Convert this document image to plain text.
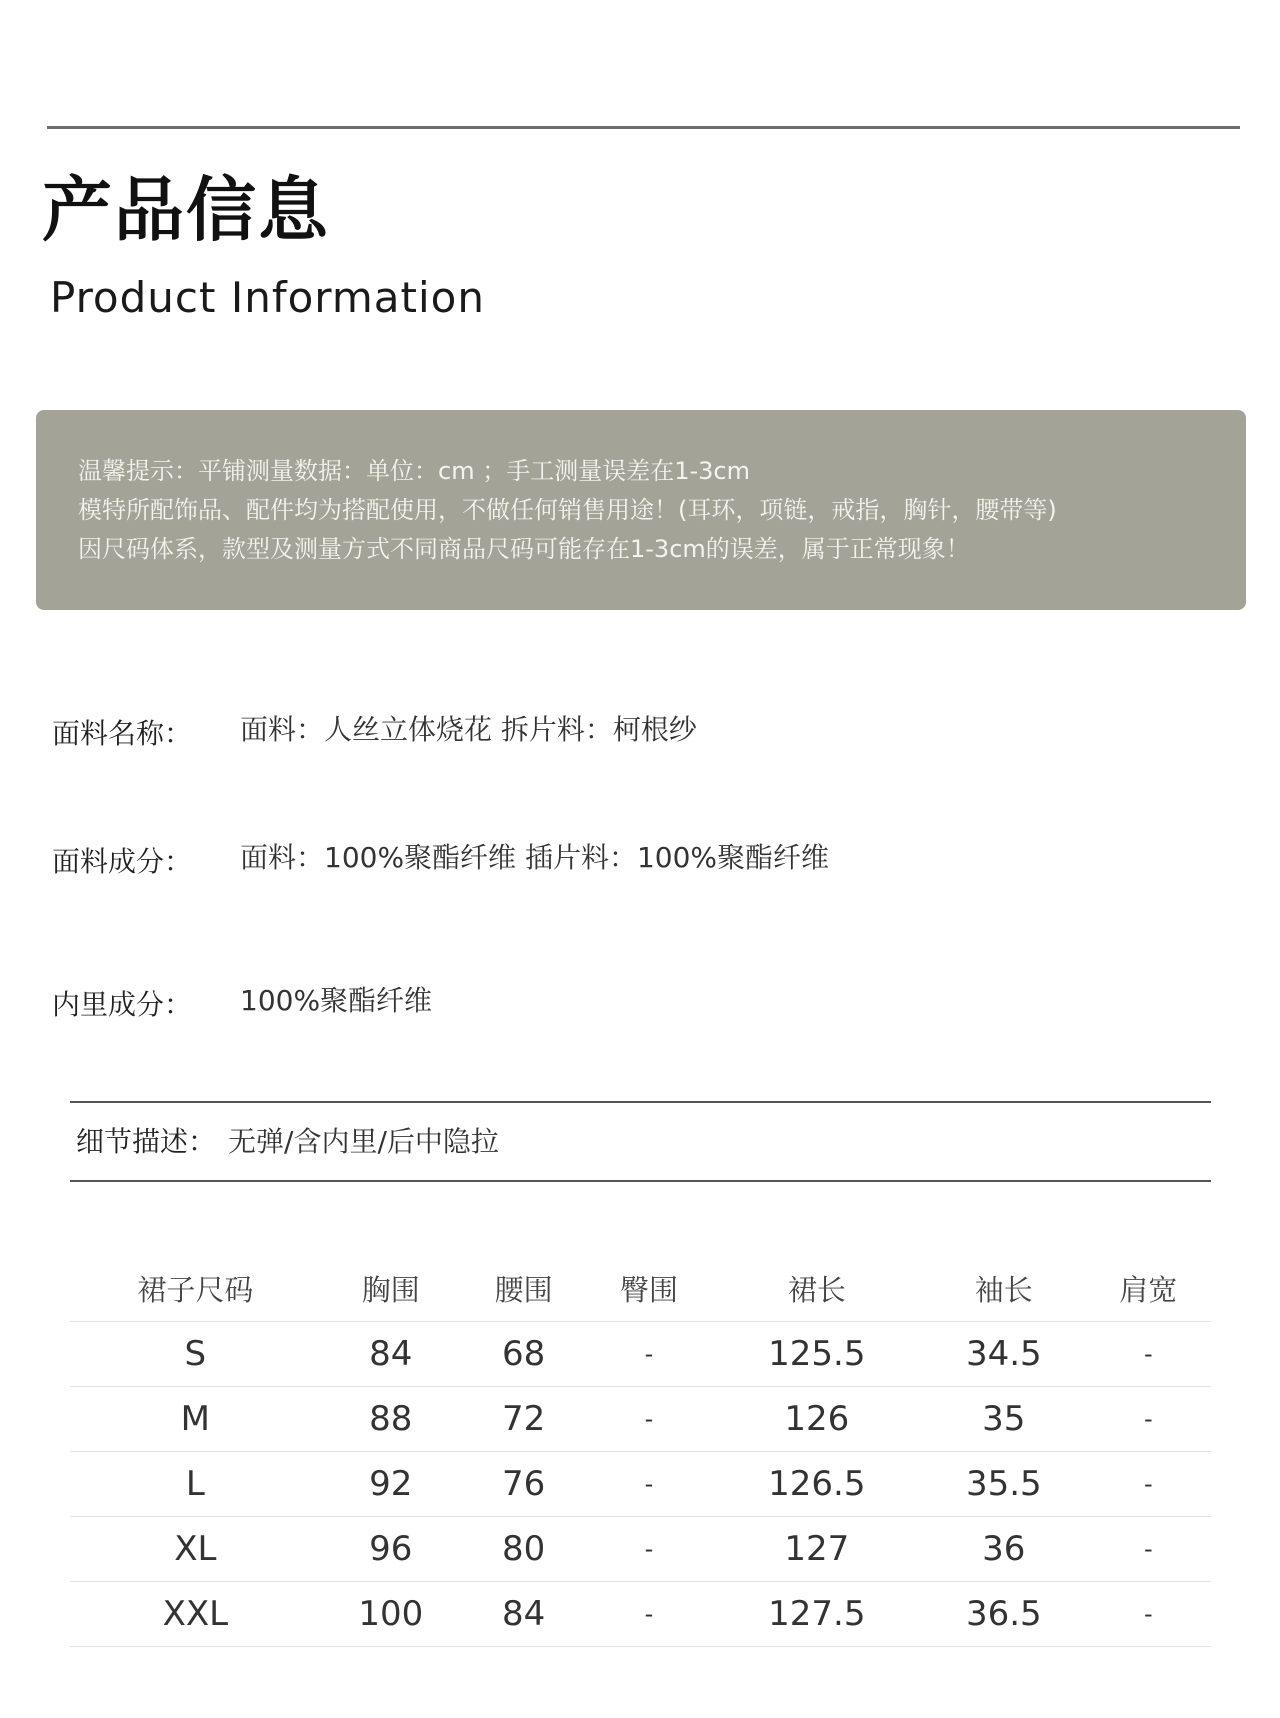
产品信息
Product Information
温馨提示：平铺测量数据：单位：cm ；手工测量误差在1-3cm
模特所配饰品、配件均为搭配使用，不做任何销售用途！(耳环，项链，戒指，胸针，腰带等)
因尺码体系，款型及测量方式不同商品尺码可能存在1-3cm的误差，属于正常现象！
面料名称： 面料：人丝立体烧花 拆片料：柯根纱
面料成分： 面料：100%聚酯纤维 插片料：100%聚酯纤维
内里成分： 100%聚酯纤维
细节描述： 无弹/含内里/后中隐拉
裙子尺码	胸围	腰围	臀围	裙长	袖长	肩宽
S	84	68	-	125.5	34.5	-
M	88	72	-	126	35	-
L	92	76	-	126.5	35.5	-
XL	96	80	-	127	36	-
XXL	100	84	-	127.5	36.5	-
